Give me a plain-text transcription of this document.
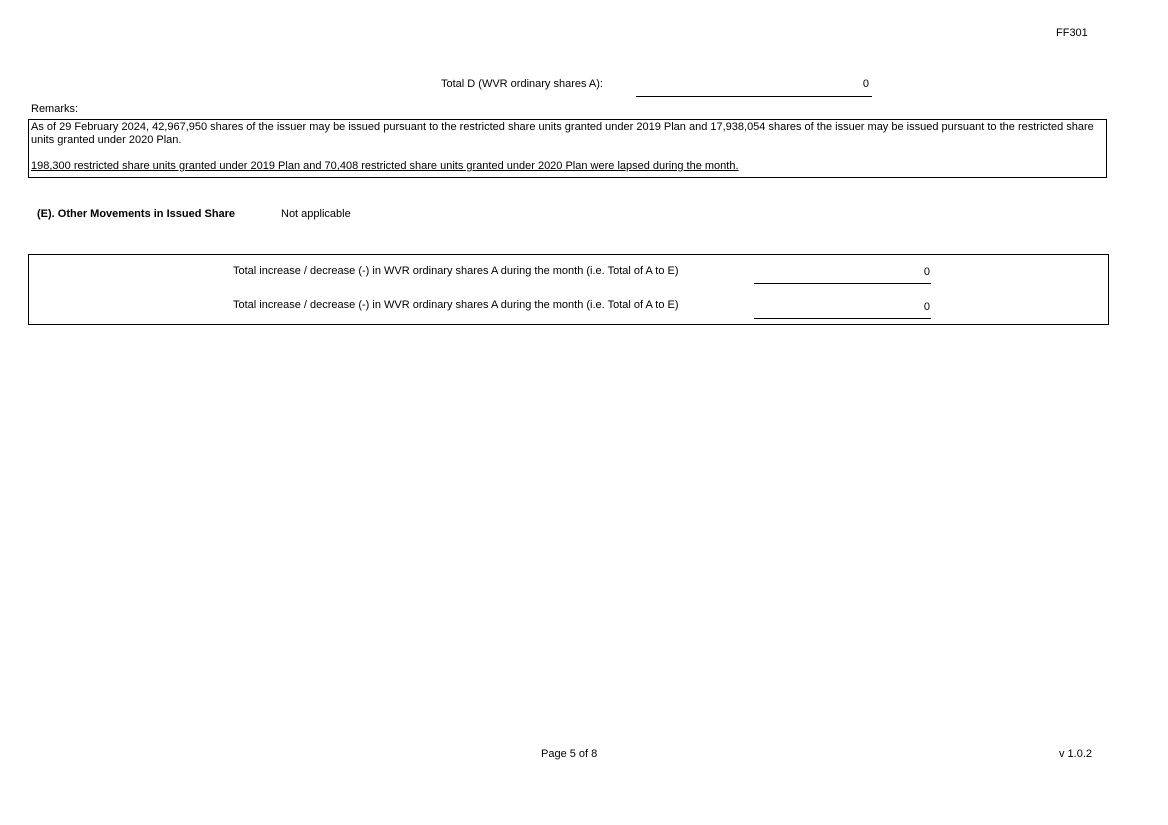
FF301
Total D (WVR ordinary shares A):	0
Remarks:

As of 29 February 2024, 42,967,950 shares of the issuer may be issued pursuant to the restricted share units granted under 2019 Plan and 17,938,054 shares of the issuer may be issued pursuant to the restricted share units granted under 2020 Plan.

198,300 restricted share units granted under 2019 Plan and 70,408 restricted share units granted under 2020 Plan were lapsed during the month.

(E). Other Movements in Issued Share	Not applicable
Total increase / decrease (-) in WVR ordinary shares A during the month (i.e. Total of A to E)	0
Total increase / decrease (-) in WVR ordinary shares A during the month (i.e. Total of A to E)	0
Page 5 of 8	v 1.0.2
